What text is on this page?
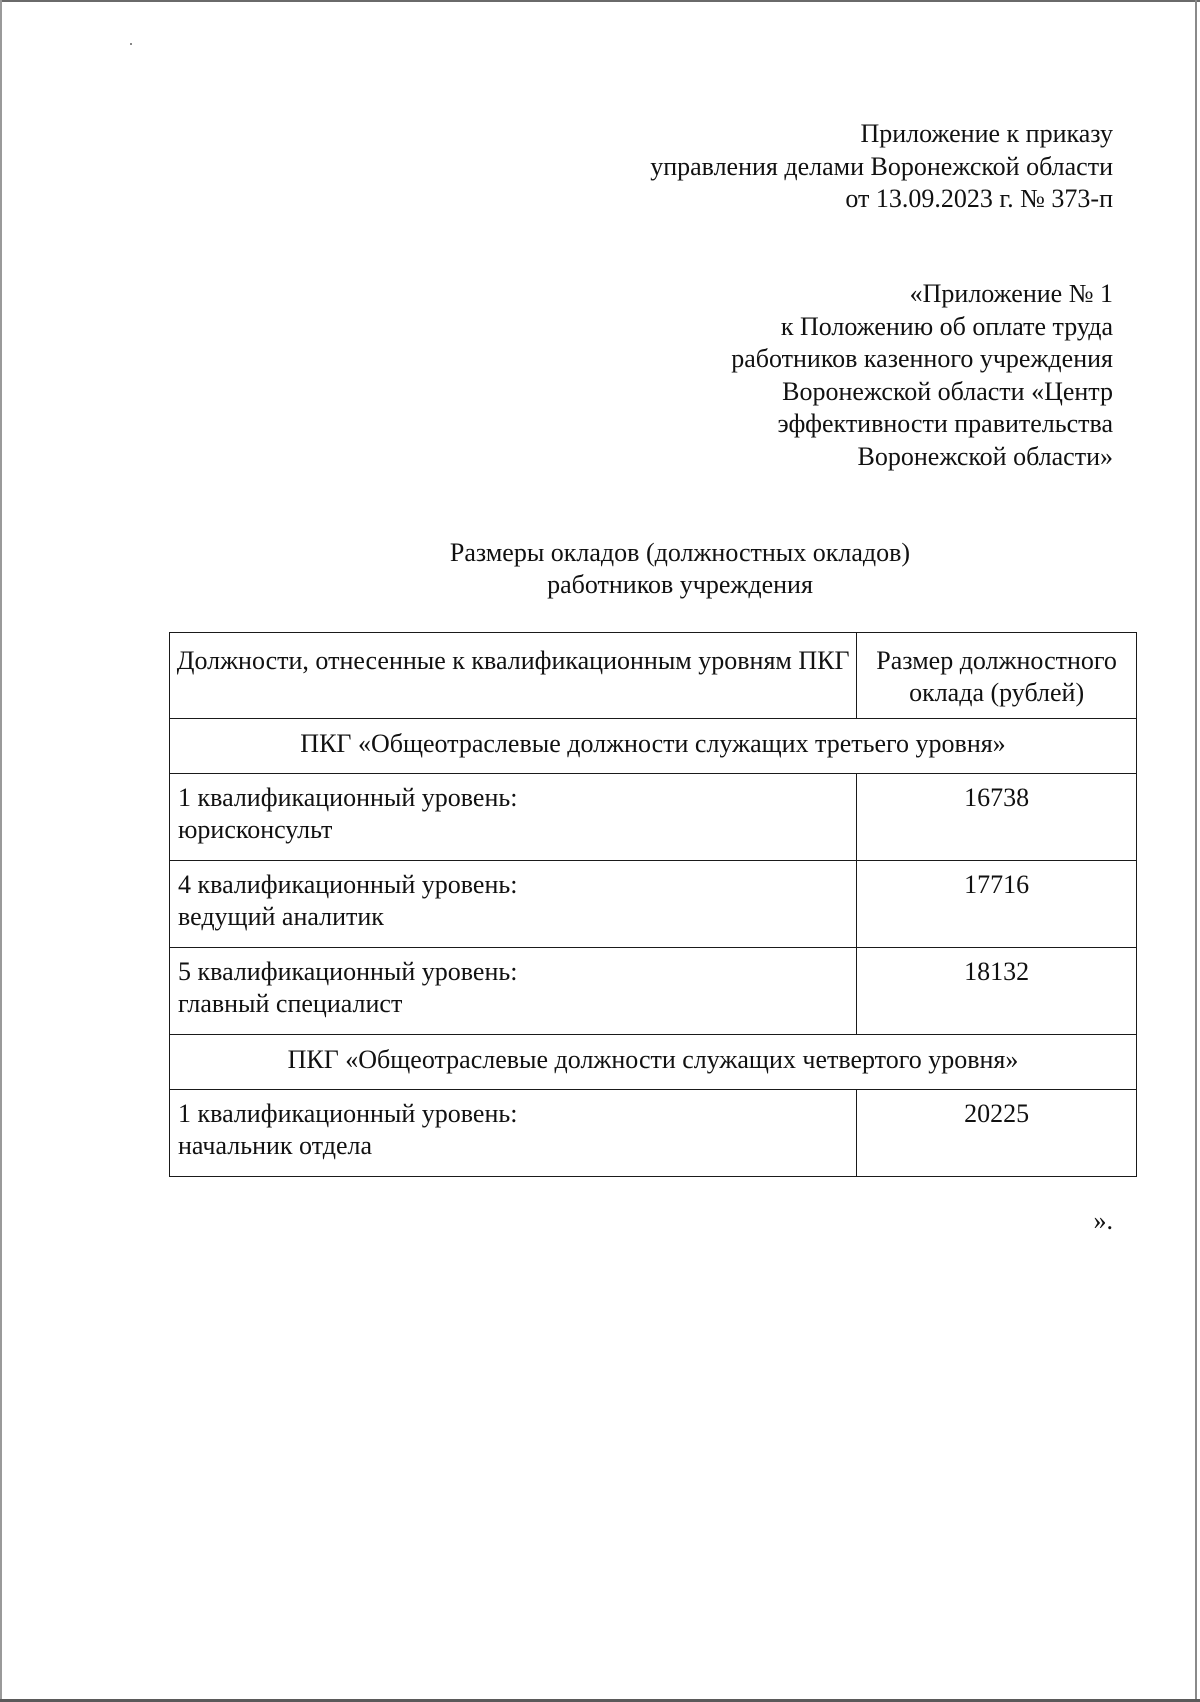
Приложение к приказу
управления делами Воронежской области
от 13.09.2023 г. № 373-п
«Приложение № 1
к Положению об оплате труда
работников казенного учреждения
Воронежской области «Центр
эффективности правительства
Воронежской области»
Размеры окладов (должностных окладов)
работников учреждения
Должности, отнесенные к квалификационным уровням ПКГ	Размер должностного оклада (рублей)
ПКГ «Общеотраслевые должности служащих третьего уровня»	

1 квалификационный уровень:
юрисконсульт	16738

4 квалификационный уровень:
ведущий аналитик	17716

5 квалификационный уровень:
главный специалист	18132
ПКГ «Общеотраслевые должности служащих четвертого уровня»	

1 квалификационный уровень:
начальник отдела	20225
».
